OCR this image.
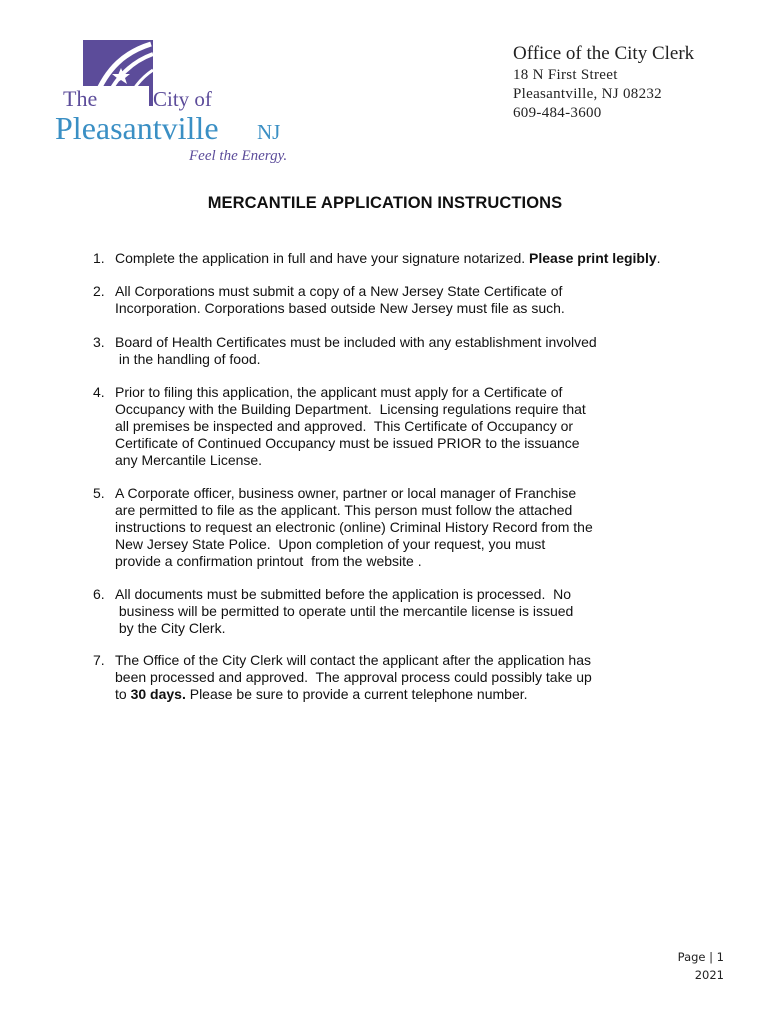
The	City of
Pleasantville NJ
Feel the Energy.
Office of the City Clerk
18 N First Street
Pleasantville, NJ 08232
609-484-3600
MERCANTILE APPLICATION INSTRUCTIONS
1. Complete the application in full and have your signature notarized. Please print legibly.
2. All Corporations must submit a copy of a New Jersey State Certificate of
Incorporation. Corporations based outside New Jersey must file as such.
3. Board of Health Certificates must be included with any establishment involved
in the handling of food.
4. Prior to filing this application, the applicant must apply for a Certificate of
Occupancy with the Building Department.  Licensing regulations require that
all premises be inspected and approved.  This Certificate of Occupancy or
Certificate of Continued Occupancy must be issued PRIOR to the issuance
any Mercantile License.
5. A Corporate officer, business owner, partner or local manager of Franchise
are permitted to file as the applicant. This person must follow the attached
instructions to request an electronic (online) Criminal History Record from the
New Jersey State Police.  Upon completion of your request, you must
provide a confirmation printout  from the website .
6. All documents must be submitted before the application is processed.  No
business will be permitted to operate until the mercantile license is issued
by the City Clerk.
7. The Office of the City Clerk will contact the applicant after the application has
been processed and approved.  The approval process could possibly take up
to 30 days. Please be sure to provide a current telephone number.
Page | 1
2021
